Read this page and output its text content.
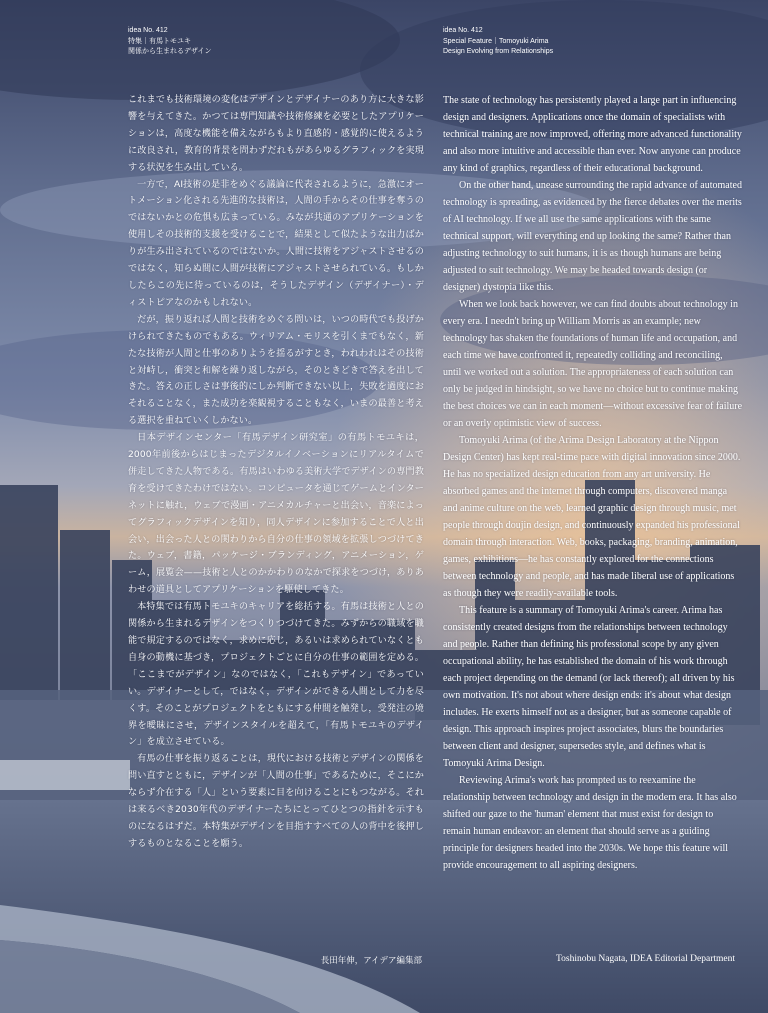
idea No. 412
特集｜有馬トモユキ
関係から生まれるデザイン
idea No. 412
Special Feature｜Tomoyuki Arima
Design Evolving from Relationships

これまでも技術環境の変化はデザインとデザイナーのあり方に大きな影響を与えてきた。かつては専門知識や技術修練を必要としたアプリケーションは，高度な機能を備えながらもより直感的・感覚的に使えるように改良され，教育的背景を問わずだれもがあらゆるグラフィックを実現する状況を生み出している。

一方で，AI技術の是非をめぐる議論に代表されるように，急激にオートメーション化される先進的な技術は，人間の手からその仕事を奪うのではないかとの危惧も広まっている。みなが共通のアプリケーションを使用しその技術的支援を受けることで，結果として似たような出力ばかりが生み出されているのではないか。人間に技術をアジャストさせるのではなく，知らぬ間に人間が技術にアジャストさせられている。もしかしたらこの先に待っているのは，そうしたデザイン（デザイナー）・ディストピアなのかもしれない。

だが，振り返れば人間と技術をめぐる問いは，いつの時代でも投げかけられてきたものでもある。ウィリアム・モリスを引くまでもなく，新たな技術が人間と仕事のありようを揺るがすとき，われわれはその技術と対峙し，衝突と和解を繰り返しながら，そのときどきで答えを出してきた。答えの正しさは事後的にしか判断できない以上，失敗を過度におそれることなく，また成功を楽観視することもなく，いまの最善と考える選択を重ねていくしかない。

日本デザインセンター「有馬デザイン研究室」の有馬トモユキは，2000年前後からはじまったデジタルイノベーションにリアルタイムで併走してきた人物である。有馬はいわゆる美術大学でデザインの専門教育を受けてきたわけではない。コンピュータを通じてゲームとインターネットに触れ，ウェブで漫画・アニメカルチャーと出会い，音楽によってグラフィックデザインを知り，同人デザインに参加することで人と出会い，出会った人との関わりから自分の仕事の領域を拡張しつづけてきた。ウェブ，書籍，パッケージ・ブランディング，アニメーション，ゲーム，展覧会——技術と人とのかかわりのなかで探求をつづけ，ありあわせの道具としてアプリケーションを駆使してきた。

本特集では有馬トモユキのキャリアを総括する。有馬は技術と人との関係から生まれるデザインをつくりつづけてきた。みずからの職域を職能で規定するのではなく，求めに応じ，あるいは求められていなくとも自身の動機に基づき，プロジェクトごとに自分の仕事の範囲を定める。「ここまでがデザイン」なのではなく，「これもデザイン」であっていい。デザイナーとして，ではなく，デザインができる人間として力を尽くす。そのことがプロジェクトをともにする仲間を触発し，受発注の境界を曖昧にさせ，デザインスタイルを超えて，「有馬トモユキのデザイン」を成立させている。

有馬の仕事を振り返ることは，現代における技術とデザインの関係を問い直すとともに，デザインが「人間の仕事」であるために，そこにかならず介在する「人」という要素に目を向けることにもつながる。それは来るべき2030年代のデザイナーたちにとってひとつの指針を示すものになるはずだ。本特集がデザインを目指すすべての人の背中を後押しするものとなることを願う。

The state of technology has persistently played a large part in influencing design and designers. Applications once the domain of specialists with technical training are now improved, offering more advanced functionality and also more intuitive and accessible than ever. Now anyone can produce any kind of graphics, regardless of their educational background.

On the other hand, unease surrounding the rapid advance of automated technology is spreading, as evidenced by the fierce debates over the merits of AI technology. If we all use the same applications with the same technical support, will everything end up looking the same? Rather than adjusting technology to suit humans, it is as though humans are being adjusted to suit technology. We may be headed towards design (or designer) dystopia like this.

When we look back however, we can find doubts about technology in every era. I needn't bring up William Morris as an example; new technology has shaken the foundations of human life and occupation, and each time we have confronted it, repeatedly colliding and reconciling, until we worked out a solution. The appropriateness of each solution can only be judged in hindsight, so we have no choice but to continue making the best choices we can in each moment—without excessive fear of failure or an overly optimistic view of success.

Tomoyuki Arima (of the Arima Design Laboratory at the Nippon Design Center) has kept real-time pace with digital innovation since 2000. He has no specialized design education from any art university. He absorbed games and the internet through computers, discovered manga and anime culture on the web, learned graphic design through music, met people through doujin design, and continuously expanded his professional domain through interaction. Web, books, packaging, branding, animation, games, exhibitions—he has constantly explored for the connections between technology and people, and has made liberal use of applications as though they were readily-available tools.

This feature is a summary of Tomoyuki Arima's career. Arima has consistently created designs from the relationships between technology and people. Rather than defining his professional scope by any given occupational ability, he has established the domain of his work through each project depending on the demand (or lack thereof); all driven by his own motivation. It's not about where design ends: it's about what design includes. He exerts himself not as a designer, but as someone capable of design. This approach inspires project associates, blurs the boundaries between client and designer, supersedes style, and defines what is Tomoyuki Arima Design.

Reviewing Arima's work has prompted us to reexamine the relationship between technology and design in the modern era. It has also shifted our gaze to the 'human' element that must exist for design to remain human endeavor: an element that should serve as a guiding principle for designers headed into the 2030s. We hope this feature will provide encouragement to all aspiring designers.

長田年伸，アイデア編集部	Toshinobu Nagata, IDEA Editorial Department
